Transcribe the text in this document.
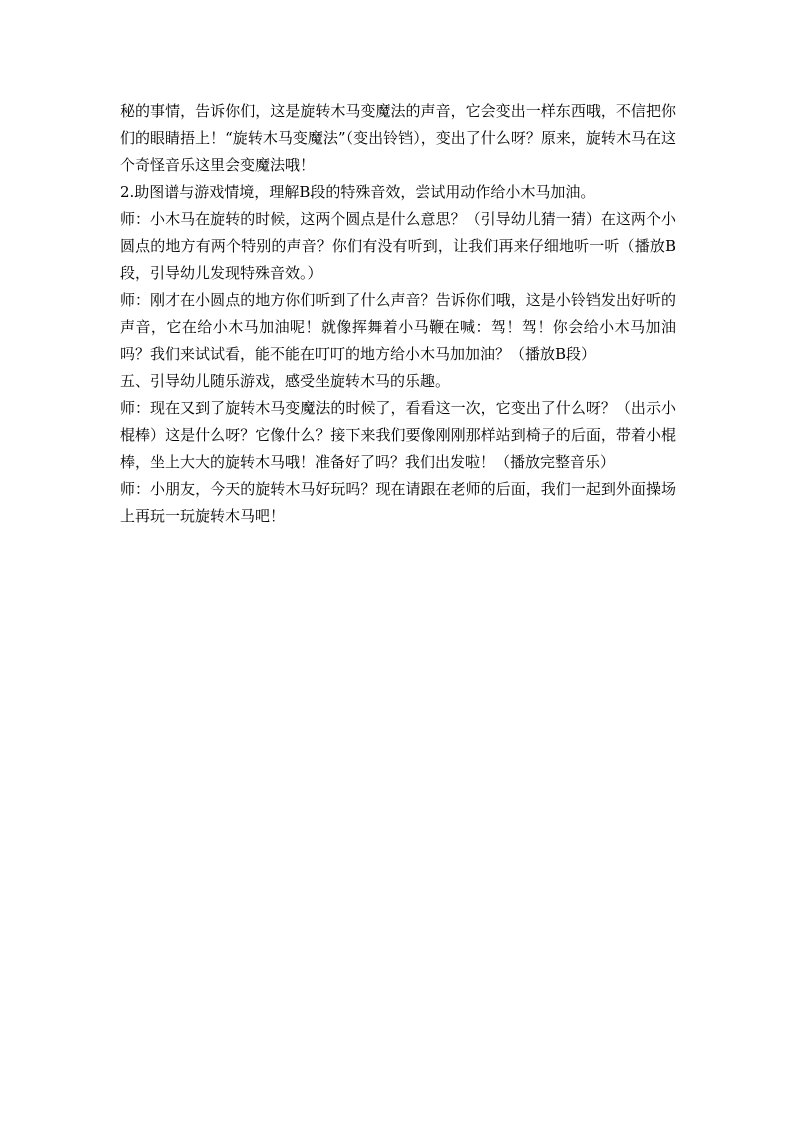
秘的事情，告诉你们，这是旋转木马变魔法的声音，它会变出一样东西哦，不信把你们的眼睛捂上！“旋转木马变魔法”（变出铃铛），变出了什么呀？原来，旋转木马在这个奇怪音乐这里会变魔法哦！

2.助图谱与游戏情境，理解B段的特殊音效，尝试用动作给小木马加油。

师：小木马在旋转的时候，这两个圆点是什么意思？（引导幼儿猜一猜）在这两个小圆点的地方有两个特别的声音？你们有没有听到，让我们再来仔细地听一听（播放B段，引导幼儿发现特殊音效。）

师：刚才在小圆点的地方你们听到了什么声音？告诉你们哦，这是小铃铛发出好听的声音，它在给小木马加油呢！就像挥舞着小马鞭在喊：驾！驾！你会给小木马加油吗？我们来试试看，能不能在叮叮的地方给小木马加加油？（播放B段）

五、引导幼儿随乐游戏，感受坐旋转木马的乐趣。

师：现在又到了旋转木马变魔法的时候了，看看这一次，它变出了什么呀？（出示小棍棒）这是什么呀？它像什么？接下来我们要像刚刚那样站到椅子的后面，带着小棍棒，坐上大大的旋转木马哦！准备好了吗？我们出发啦！（播放完整音乐）

师：小朋友，今天的旋转木马好玩吗？现在请跟在老师的后面，我们一起到外面操场上再玩一玩旋转木马吧！
